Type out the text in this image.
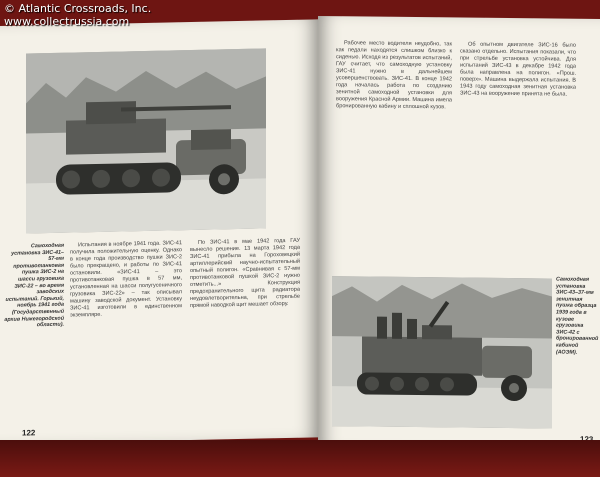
Самоходная установка ЗИС-41–57-мм противотанковая пушка ЗИС-2 на шасси грузовика ЗИС-22 – во время заводских испытаний. Горький, ноябрь 1941 года (Государственный архив Нижегородской области).

Испытания в ноябре 1941 года. ЗИС-41 получила положительную оценку. Однако в конце года производство пушки ЗИС-2 было прекращено, и работы по ЗИС-41 остановили. «ЗИС-41 – это противотанковая пушка в 57 мм, установленная на шасси полугусеничного грузовика ЗИС-22» – так описывал машину заводской документ. Установку ЗИС-41 изготовили в единственном экземпляре.

По ЗИС-41 в мае 1942 года ГАУ вынесло решение. 13 марта 1942 года ЗИС-41 прибыла на Гороховецкий артиллерийский научно-испытательный опытный полигон. «Сравнивая с 57-мм противотанковой пушкой ЗИС-2 нужно отметить...» Конструкция предохранительного щита радиатора неудовлетворительна, при стрельбе прямой наводкой щит мешает обзору.

122

Рабочее место водителя неудобно, так как педали находятся слишком близко к сиденью. Исходя из результатов испытаний, ГАУ считает, что самоходную установку ЗИС-41 нужно в дальнейшем усовершенствовать. ЗИС-41. В конце 1942 года началась работа по созданию зенитной самоходной установки для вооружения Красной Армии. Машина имела бронированную кабину и сплошной кузов.

Об опытном двигателе ЗИС-16 было сказано отдельно. Испытания показали, что при стрельбе установка устойчива. Для испытаний ЗИС-43 в декабре 1942 года была направлена на полигон. «Прош. поверх». Машина выдержала испытания. В 1943 году самоходная зенитная установка ЗИС-43 на вооружение принята не была.

Самоходная установка ЗИС-43–37-мм зенитная пушка образца 1939 года в кузове грузовика ЗИС-42 с бронированной кабиной (АОЭМ).
© Atlantic Crossroads, Inc.
www.collectrussia.com
